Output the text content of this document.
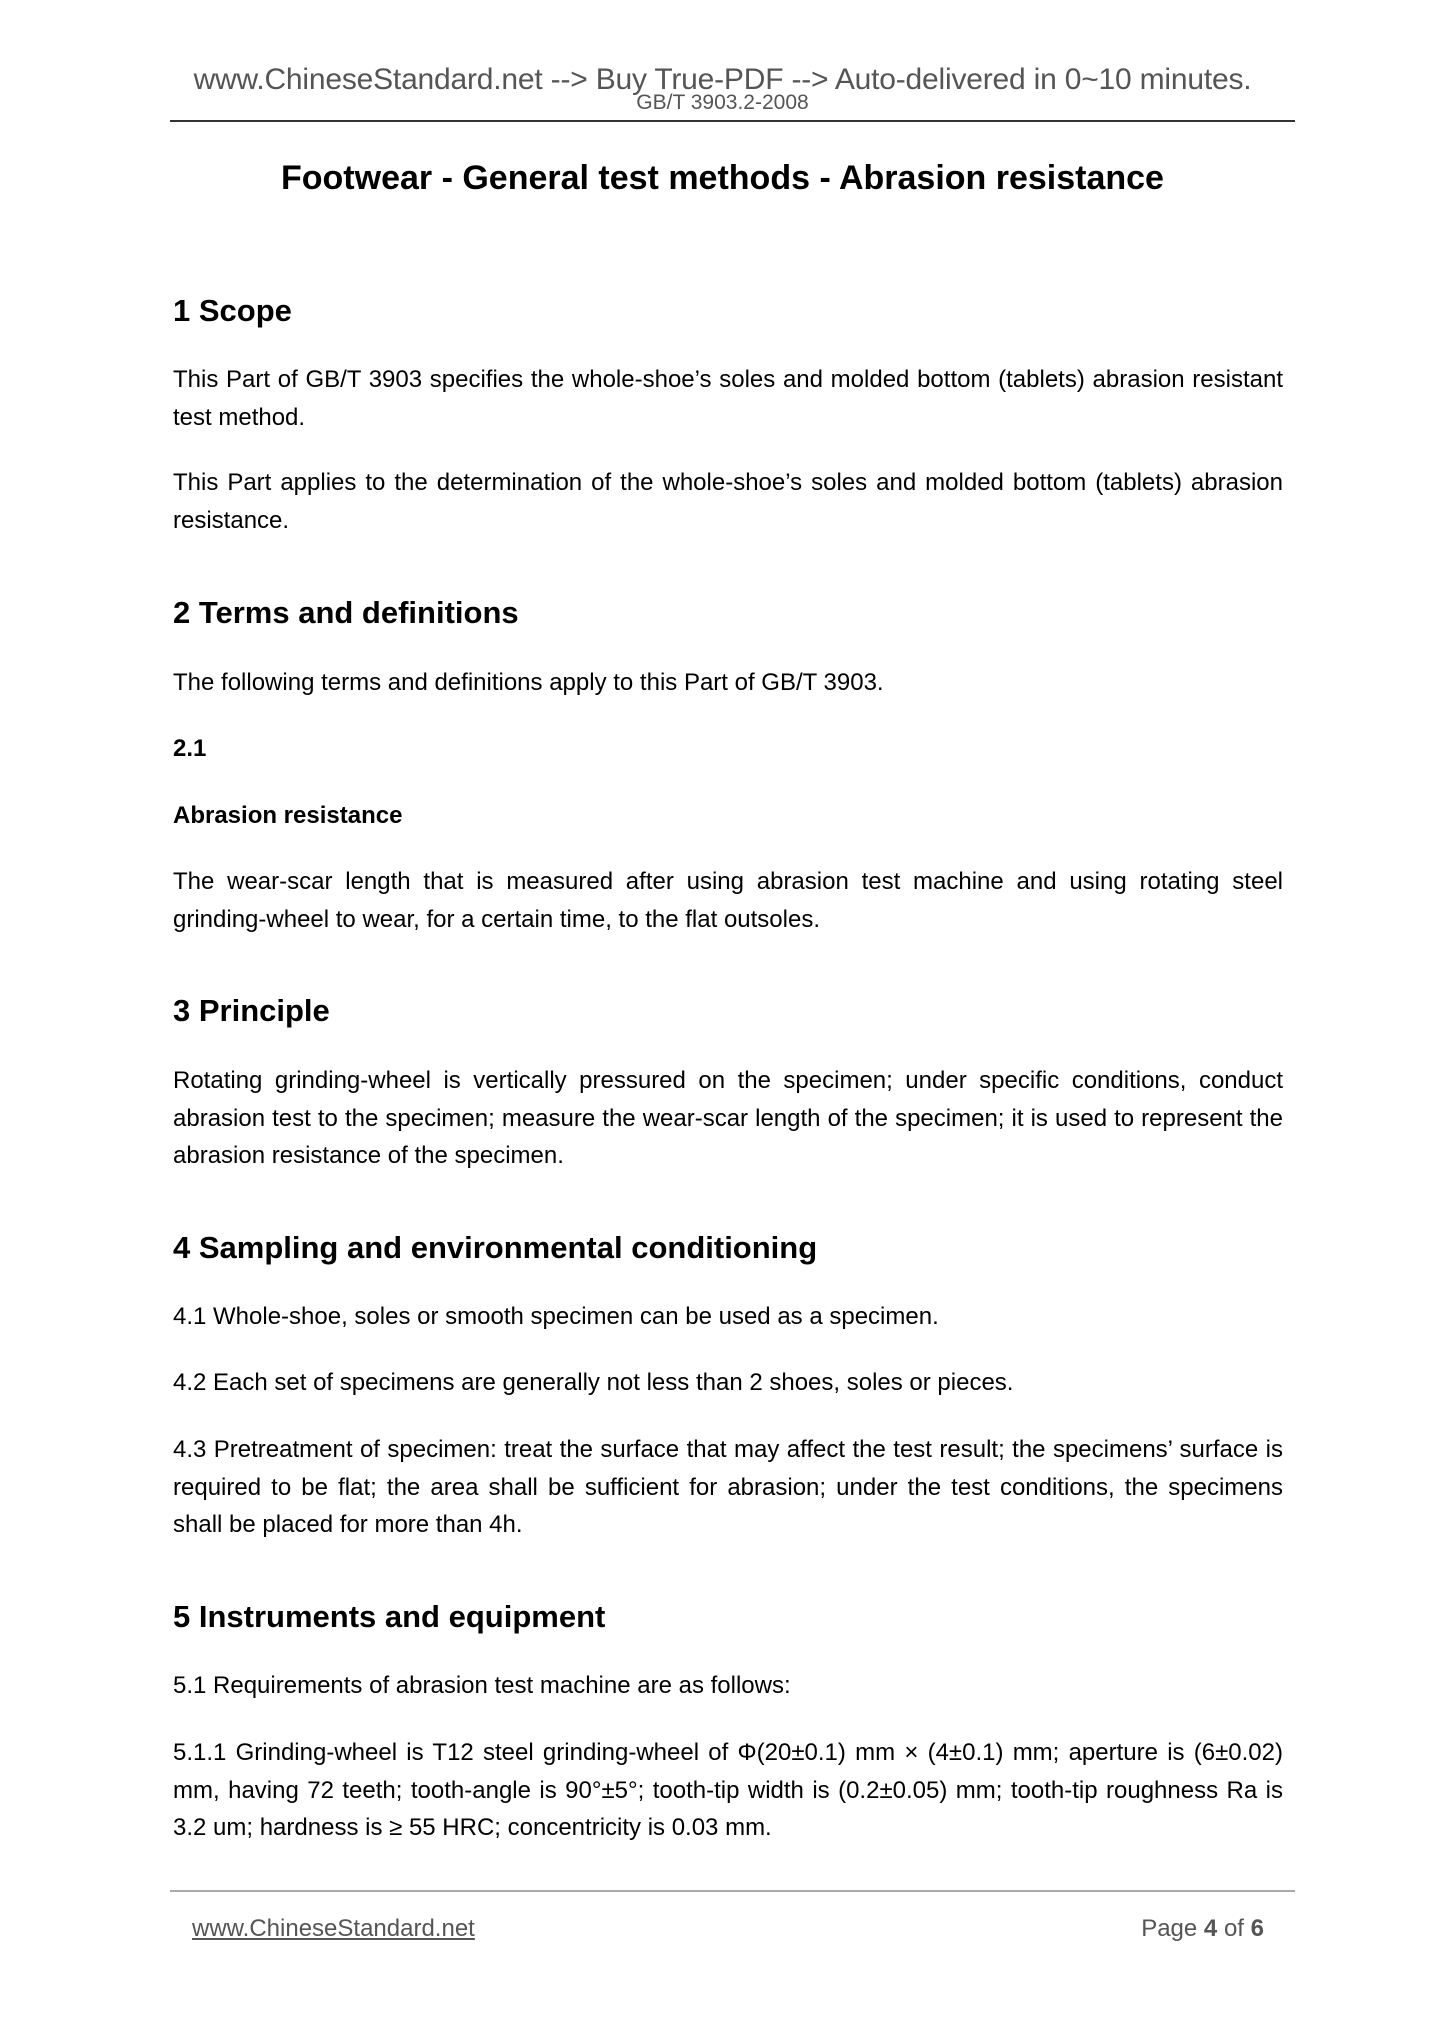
www.ChineseStandard.net --> Buy True-PDF --> Auto-delivered in 0~10 minutes.
GB/T 3903.2-2008
Footwear - General test methods - Abrasion resistance
1 Scope
This Part of GB/T 3903 specifies the whole-shoe’s soles and molded bottom (tablets) abrasion resistant test method.
This Part applies to the determination of the whole-shoe’s soles and molded bottom (tablets) abrasion resistance.
2 Terms and definitions
The following terms and definitions apply to this Part of GB/T 3903.
2.1
Abrasion resistance
The wear-scar length that is measured after using abrasion test machine and using rotating steel grinding-wheel to wear, for a certain time, to the flat outsoles.
3 Principle
Rotating grinding-wheel is vertically pressured on the specimen; under specific conditions, conduct abrasion test to the specimen; measure the wear-scar length of the specimen; it is used to represent the abrasion resistance of the specimen.
4 Sampling and environmental conditioning
4.1 Whole-shoe, soles or smooth specimen can be used as a specimen.
4.2 Each set of specimens are generally not less than 2 shoes, soles or pieces.
4.3 Pretreatment of specimen: treat the surface that may affect the test result; the specimens’ surface is required to be flat; the area shall be sufficient for abrasion; under the test conditions, the specimens shall be placed for more than 4h.
5 Instruments and equipment
5.1 Requirements of abrasion test machine are as follows:
5.1.1 Grinding-wheel is T12 steel grinding-wheel of Φ(20±0.1) mm × (4±0.1) mm; aperture is (6±0.02) mm, having 72 teeth; tooth-angle is 90°±5°; tooth-tip width is (0.2±0.05) mm; tooth-tip roughness Ra is 3.2 um; hardness is ≥ 55 HRC; concentricity is 0.03 mm.
www.ChineseStandard.net	Page 4 of 6
